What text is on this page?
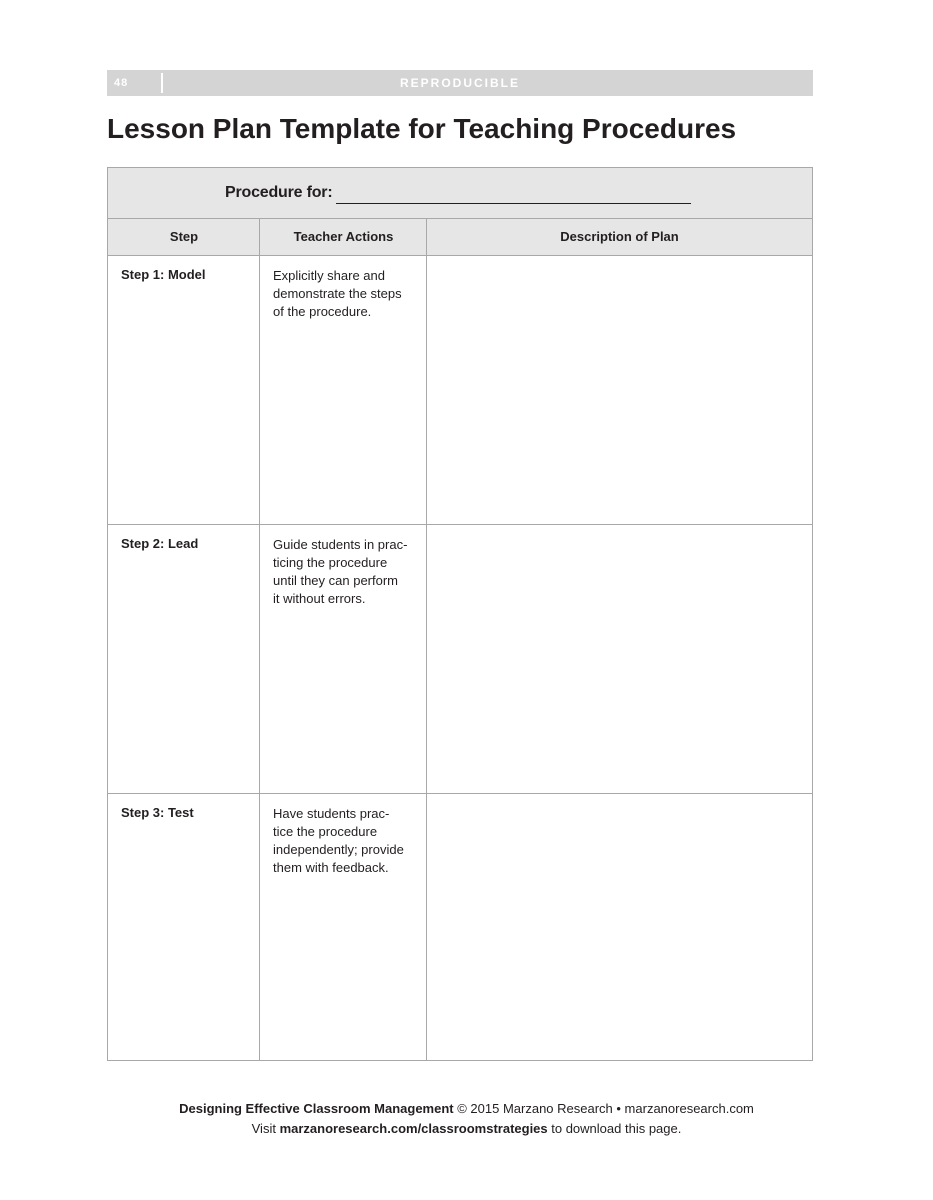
48	REPRODUCIBLE
Lesson Plan Template for Teaching Procedures
Procedure for:
Step	Teacher Actions	Description of Plan
Step 1: Model	Explicitly share and
demonstrate the steps
of the procedure.
Step 2: Lead	Guide students in prac-
ticing the procedure
until they can perform
it without errors.
Step 3: Test	Have students prac-
tice the procedure
independently; provide
them with feedback.
Designing Effective Classroom Management © 2015 Marzano Research • marzanoresearch.com
Visit marzanoresearch.com/classroomstrategies to download this page.
